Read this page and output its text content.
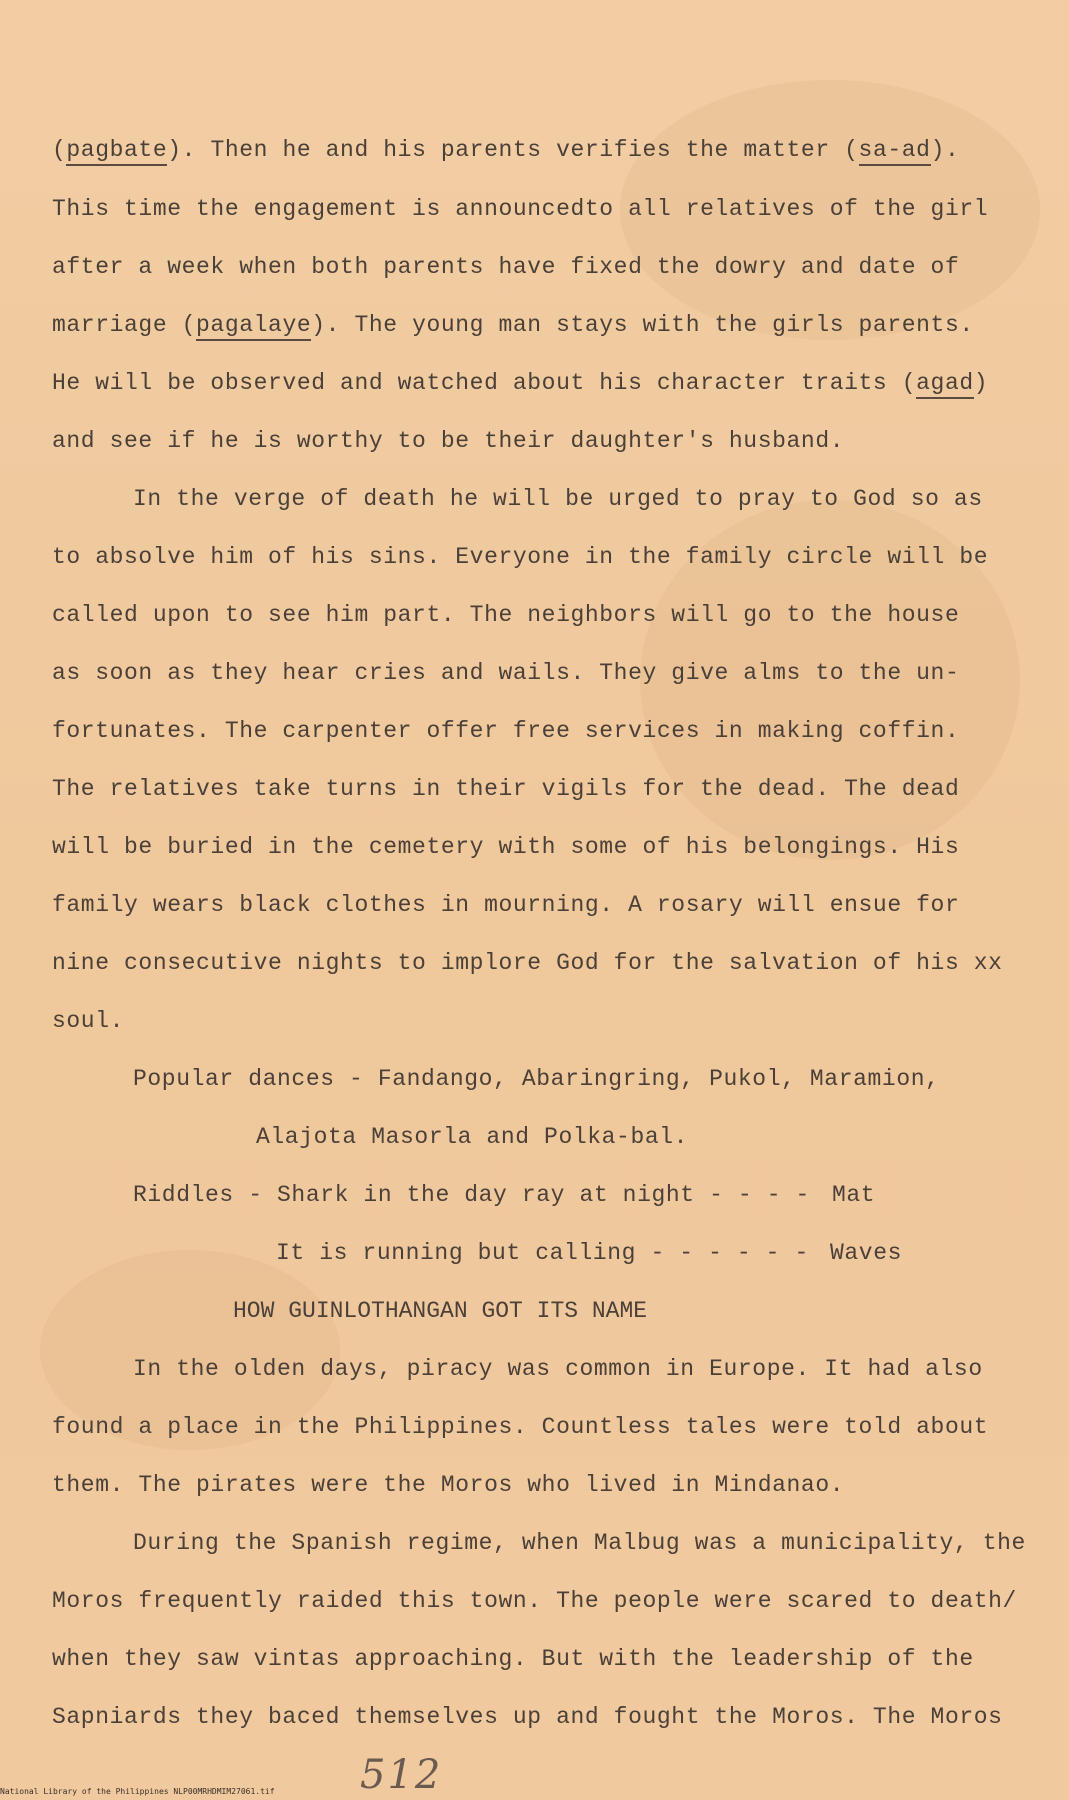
(pagbate). Then he and his parents verifies the matter (sa-ad).
This time the engagement is announcedto all relatives of the girl
after a week when both parents have fixed the dowry and date of
marriage (pagalaye). The young man stays with the girls parents.
He will be observed and watched about his character traits (agad)
and see if he is worthy to be their daughter's husband.
In the verge of death he will be urged to pray to God so as
to absolve him of his sins. Everyone in the family circle will be
called upon to see him part. The neighbors will go to the house
as soon as they hear cries and wails. They give alms to the un-
fortunates. The carpenter offer free services in making coffin.
The relatives take turns in their vigils for the dead. The dead
will be buried in the cemetery with some of his belongings. His
family wears black clothes in mourning. A rosary will ensue for
nine consecutive nights to implore God for the salvation of his xx
soul.
Popular dances - Fandango, Abaringring, Pukol, Maramion,
Alajota Masorla and Polka-bal.
Riddles - Shark in the day ray at night - - - - Mat
It is running but calling - - - - - - Waves
HOW GUINLOTHANGAN GOT ITS NAME
In the olden days, piracy was common in Europe. It had also
found a place in the Philippines. Countless tales were told about
them. The pirates were the Moros who lived in Mindanao.
During the Spanish regime, when Malbug was a municipality, the
Moros frequently raided this town. The people were scared to death/
when they saw vintas approaching. But with the leadership of the
Sapniards they baced themselves up and fought the Moros. The Moros
512
National Library of the Philippines NLP00MRHDMIM27061.tif
